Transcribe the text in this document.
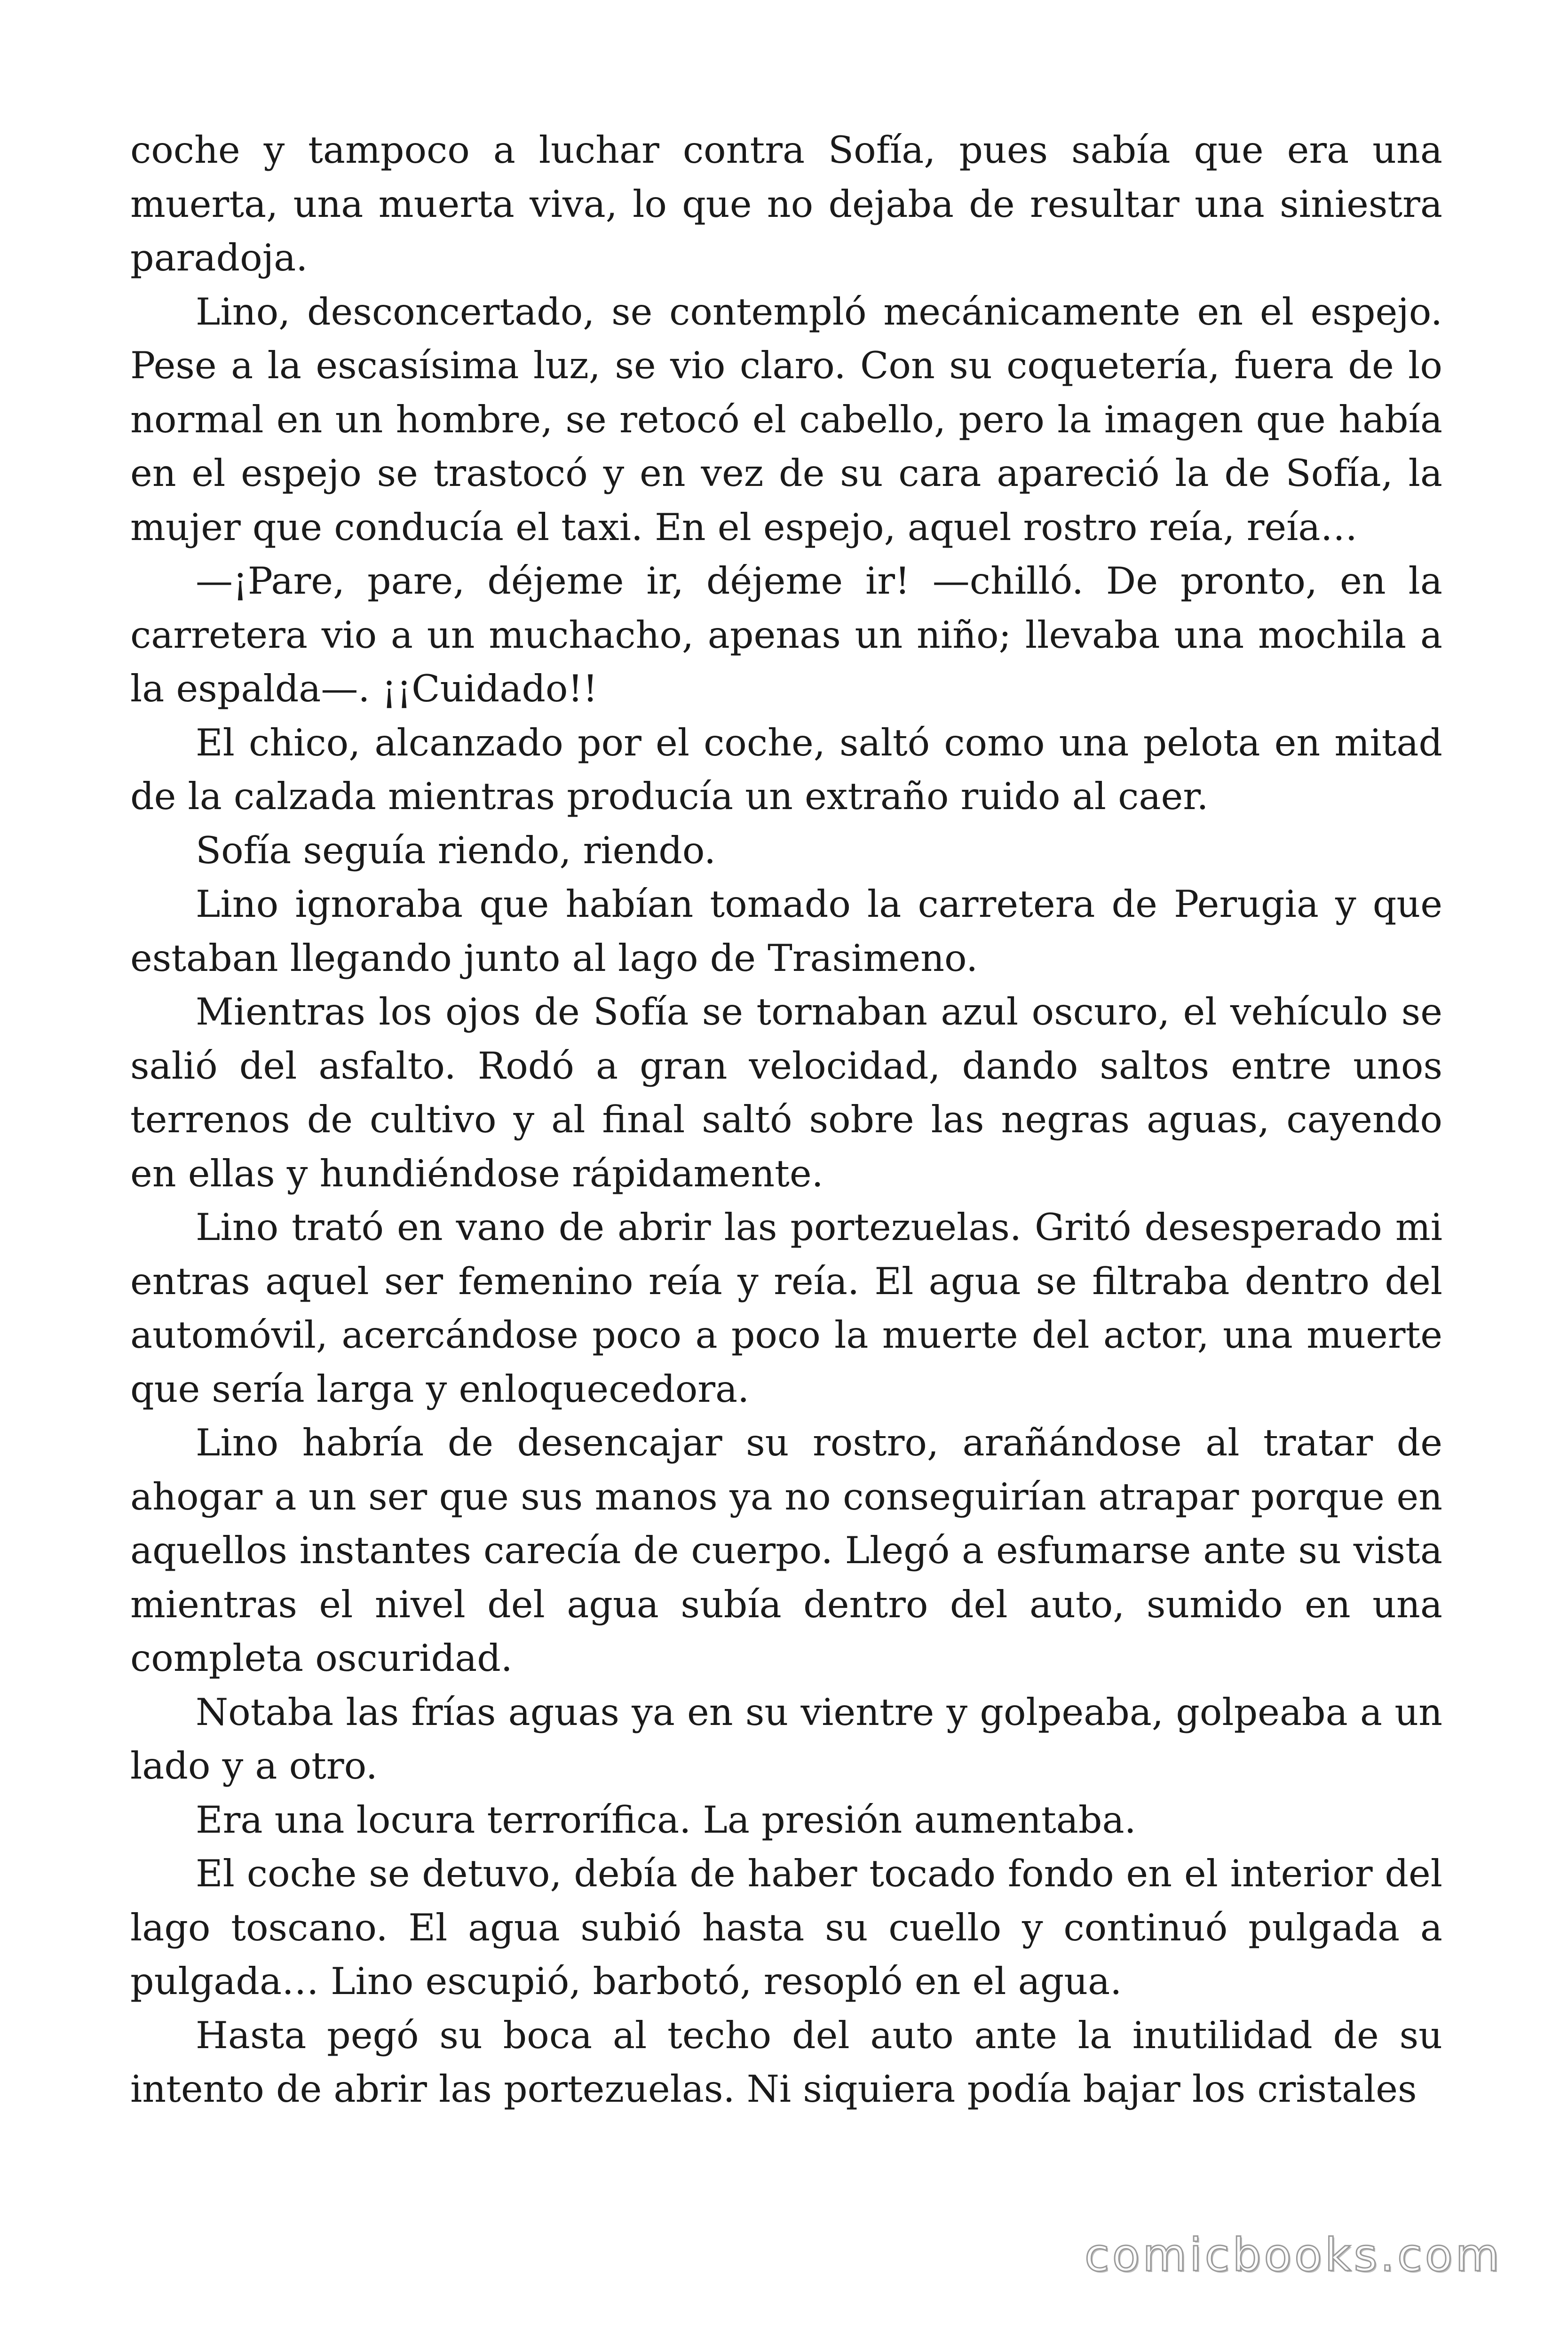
coche y tampoco a luchar contra Sofía, pues sabía que era una muerta, una muerta viva, lo que no dejaba de resultar una siniestra paradoja.

Lino, desconcertado, se contempló mecánicamente en el espejo. Pese a la escasísima luz, se vio claro. Con su coquetería, fuera de lo normal en un hombre, se retocó el cabello, pero la imagen que había en el espejo se trastocó y en vez de su cara apareció la de Sofía, la mujer que conducía el taxi. En el espejo, aquel rostro reía, reía…

—¡Pare, pare, déjeme ir, déjeme ir! —chilló. De pronto, en la carretera vio a un muchacho, apenas un niño; llevaba una mochila a la espalda—. ¡¡Cuidado!!

El chico, alcanzado por el coche, saltó como una pelota en mitad de la calzada mientras producía un extraño ruido al caer.

Sofía seguía riendo, riendo.

Lino ignoraba que habían tomado la carretera de Perugia y que estaban llegando junto al lago de Trasimeno.

Mientras los ojos de Sofía se tornaban azul oscuro, el vehículo se salió del asfalto. Rodó a gran velocidad, dando saltos entre unos terrenos de cultivo y al final saltó sobre las negras aguas, cayendo en ellas y hundiéndose rápidamente.

Lino trató en vano de abrir las portezuelas. Gritó desesperado mi entras aquel ser femenino reía y reía. El agua se filtraba dentro del automóvil, acercándose poco a poco la muerte del actor, una muerte que sería larga y enloquecedora.

Lino habría de desencajar su rostro, arañándose al tratar de ahogar a un ser que sus manos ya no conseguirían atrapar porque en aquellos instantes carecía de cuerpo. Llegó a esfumarse ante su vista mientras el nivel del agua subía dentro del auto, sumido en una completa oscuridad.

Notaba las frías aguas ya en su vientre y golpeaba, golpeaba a un lado y a otro.

Era una locura terrorífica. La presión aumentaba.

El coche se detuvo, debía de haber tocado fondo en el interior del lago toscano. El agua subió hasta su cuello y continuó pulgada a pulgada… Lino escupió, barbotó, resopló en el agua.

Hasta pegó su boca al techo del auto ante la inutilidad de su intento de abrir las portezuelas. Ni siquiera podía bajar los cristales

comicbooks.com
